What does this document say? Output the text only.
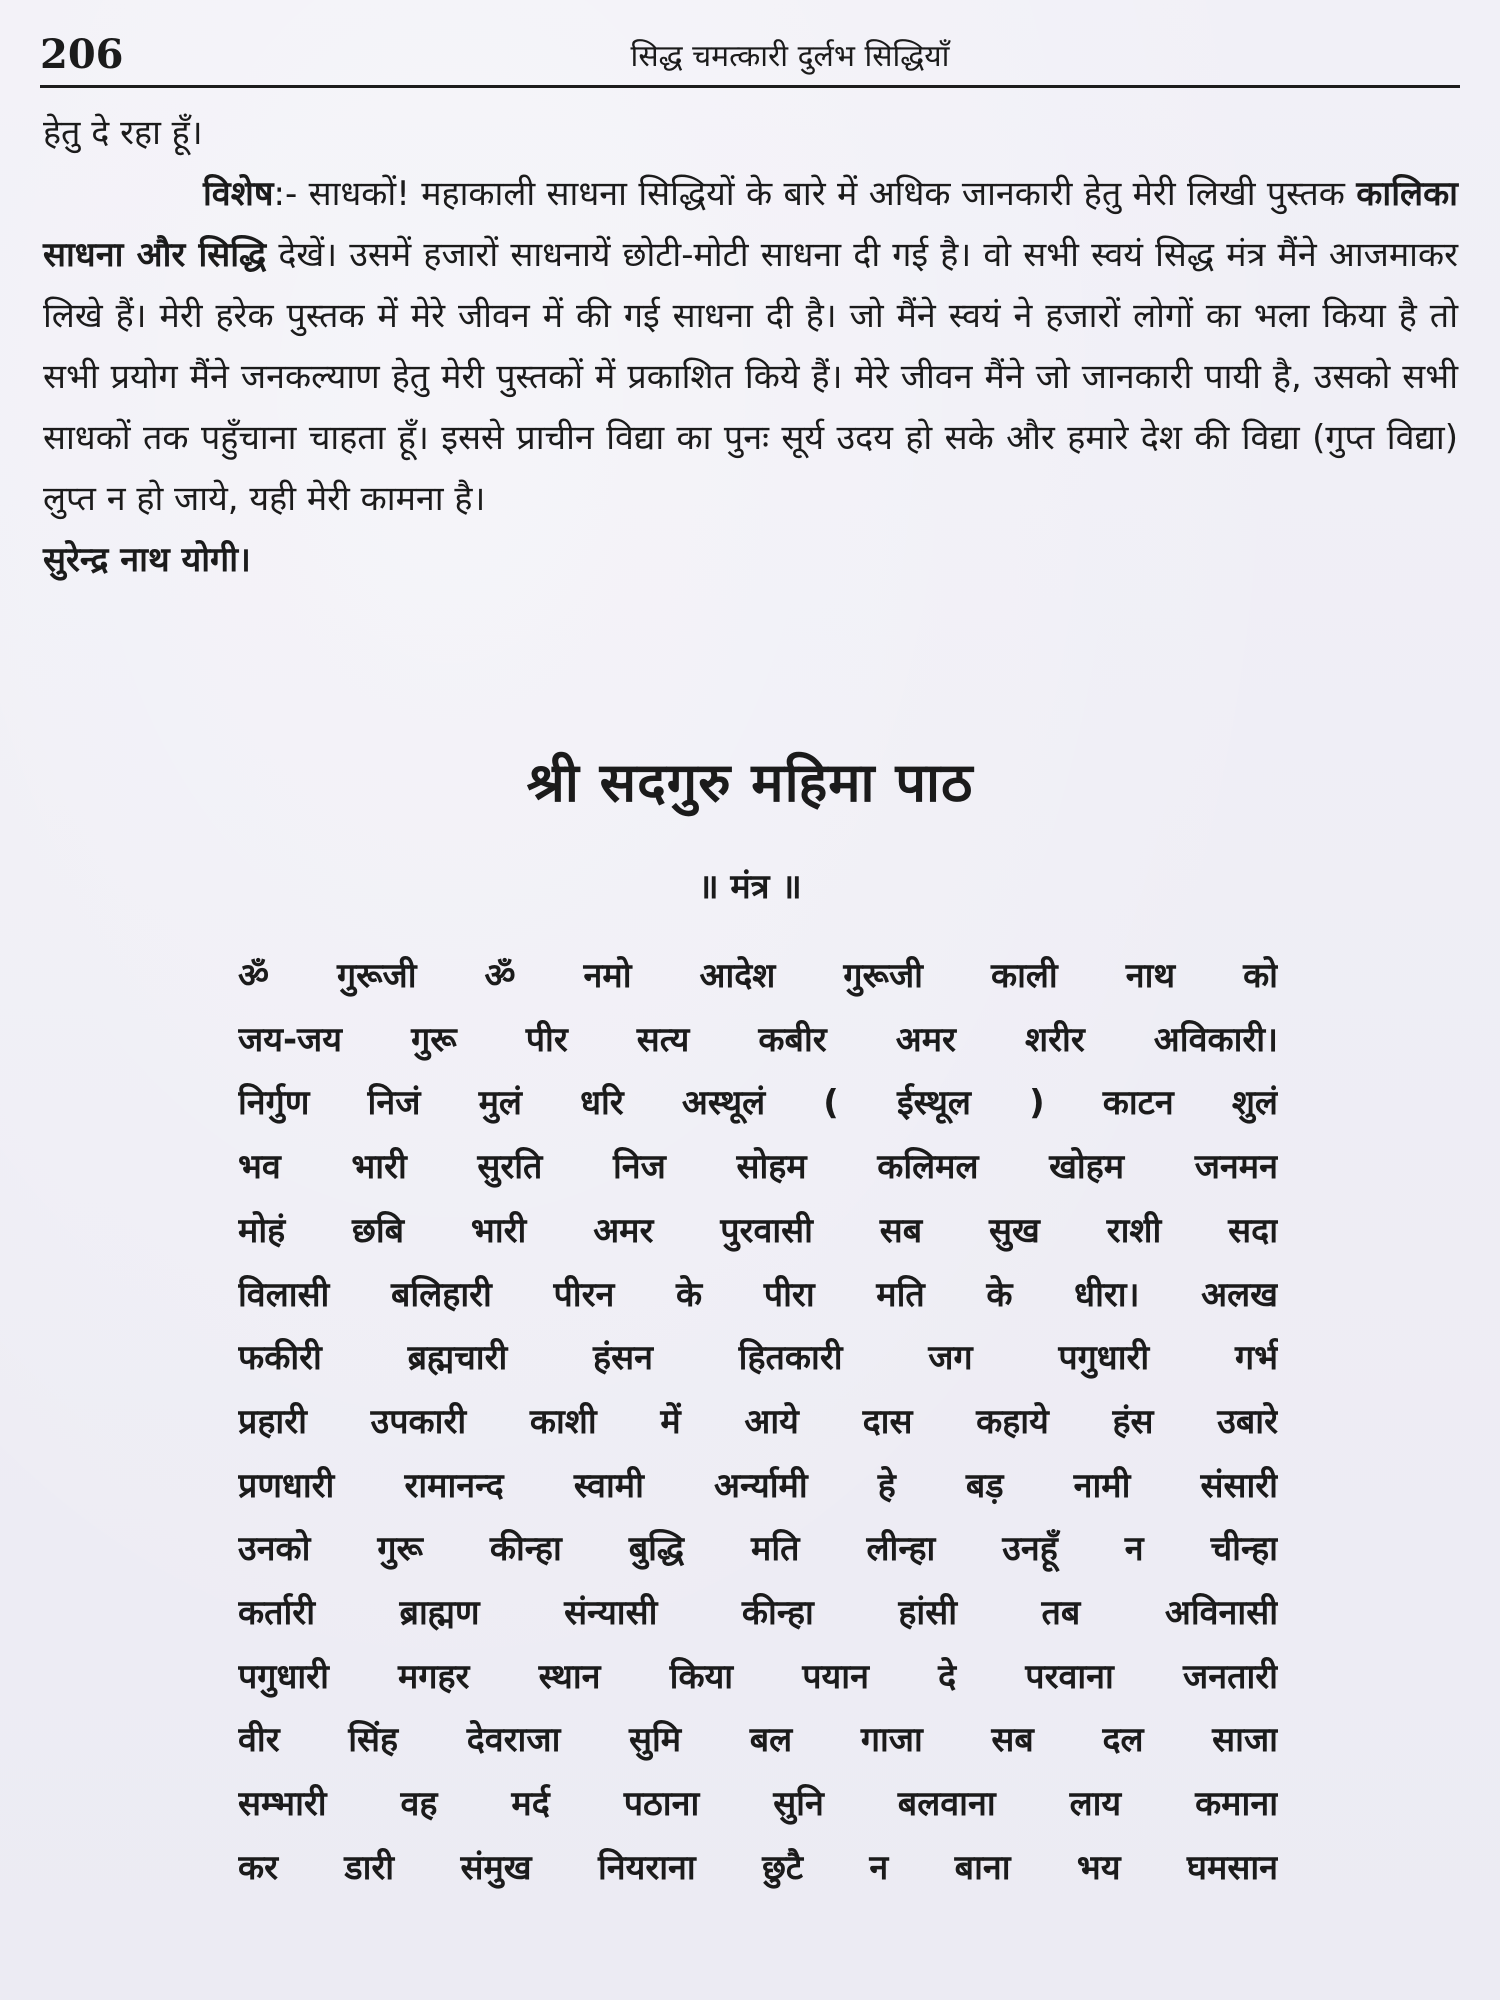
206	सिद्ध चमत्कारी दुर्लभ सिद्धियाँ

हेतु दे रहा हूँ।

विशेष:- साधकों! महाकाली साधना सिद्धियों के बारे में अधिक जानकारी हेतु मेरी लिखी पुस्तक कालिका साधना और सिद्धि देखें। उसमें हजारों साधनायें छोटी-मोटी साधना दी गई है। वो सभी स्वयं सिद्ध मंत्र मैंने आजमाकर लिखे हैं। मेरी हरेक पुस्तक में मेरे जीवन में की गई साधना दी है। जो मैंने स्वयं ने हजारों लोगों का भला किया है तो सभी प्रयोग मैंने जनकल्याण हेतु मेरी पुस्तकों में प्रकाशित किये हैं। मेरे जीवन मैंने जो जानकारी पायी है, उसको सभी साधकों तक पहुँचाना चाहता हूँ। इससे प्राचीन विद्या का पुनः सूर्य उदय हो सके और हमारे देश की विद्या (गुप्त विद्या) लुप्त न हो जाये, यही मेरी कामना है।

सुरेन्द्र नाथ योगी।

श्री सदगुरु महिमा पाठ
॥ मंत्र ॥
ॐ गुरूजी ॐ नमो आदेश गुरूजी काली नाथ को
जय-जय गुरू पीर सत्य कबीर अमर शरीर अविकारी।
निर्गुण निजं मुलं धरि अस्थूलं ( ईस्थूल ) काटन शुलं
भव भारी सुरति निज सोहम कलिमल खोहम जनमन
मोहं छबि भारी अमर पुरवासी सब सुख राशी सदा
विलासी बलिहारी पीरन के पीरा मति के धीरा। अलख
फकीरी ब्रह्मचारी हंसन हितकारी जग पगुधारी गर्भ
प्रहारी उपकारी काशी में आये दास कहाये हंस उबारे
प्रणधारी रामानन्द स्वामी अर्न्यामी हे बड़ नामी संसारी
उनको गुरू कीन्हा बुद्धि मति लीन्हा उनहूँ न चीन्हा
कर्तारी ब्राह्मण संन्यासी कीन्हा हांसी तब अविनासी
पगुधारी मगहर स्थान किया पयान दे परवाना जनतारी
वीर सिंह देवराजा सुमि बल गाजा सब दल साजा
सम्भारी वह मर्द पठाना सुनि बलवाना लाय कमाना
कर डारी संमुख नियराना छुटै न बाना भय घमसान
